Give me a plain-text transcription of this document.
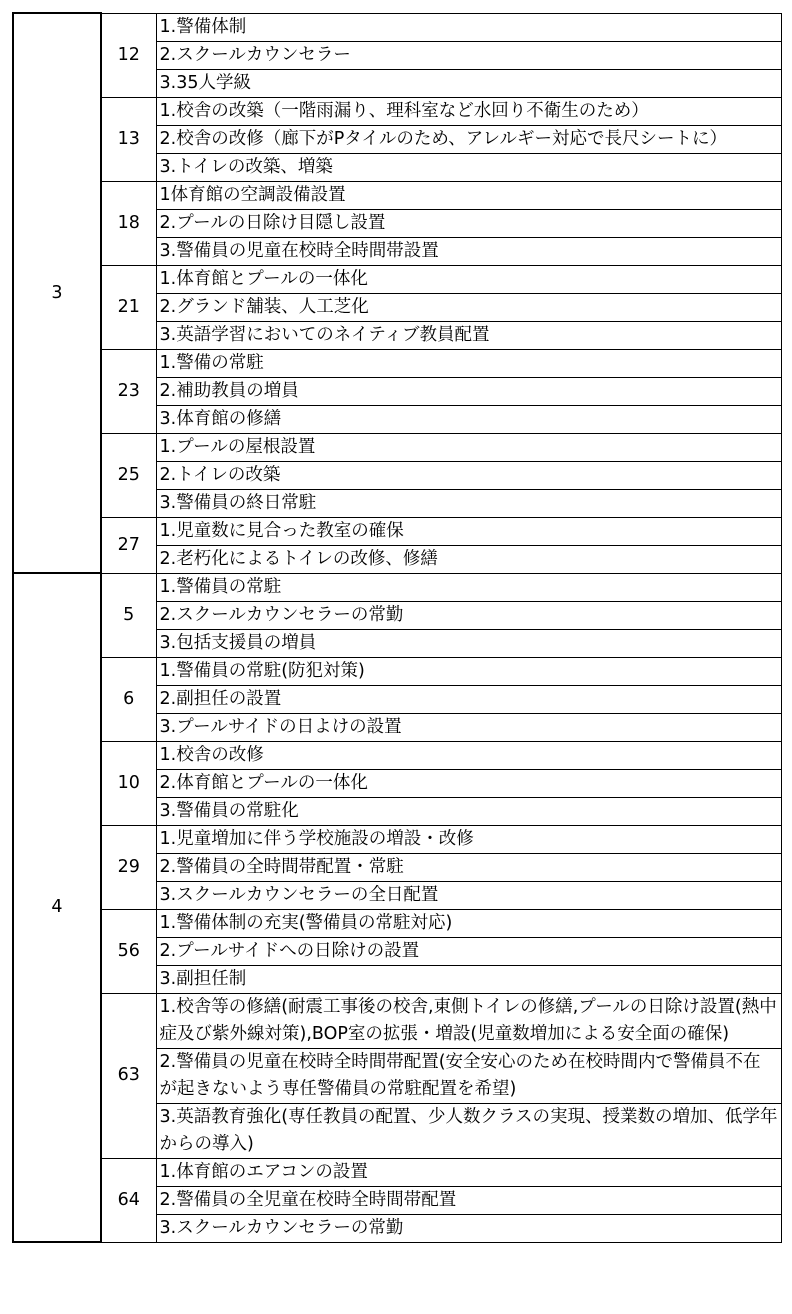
3	12	1.警備体制
		2.スクールカウンセラー
		3.35人学級
	13	1.校舎の改築（一階雨漏り、理科室など水回り不衛生のため）
		2.校舎の改修（廊下がPタイルのため、アレルギー対応で長尺シートに）
		3.トイレの改築、増築
	18	1体育館の空調設備設置
		2.プールの日除け目隠し設置
		3.警備員の児童在校時全時間帯設置
	21	1.体育館とプールの一体化
		2.グランド舗装、人工芝化
		3.英語学習においてのネイティブ教員配置
	23	1.警備の常駐
		2.補助教員の増員
		3.体育館の修繕
	25	1.プールの屋根設置
		2.トイレの改築
		3.警備員の終日常駐
	27	1.児童数に見合った教室の確保
		2.老朽化によるトイレの改修、修繕
4	5	1.警備員の常駐
		2.スクールカウンセラーの常勤
		3.包括支援員の増員
	6	1.警備員の常駐(防犯対策)
		2.副担任の設置
		3.プールサイドの日よけの設置
	10	1.校舎の改修
		2.体育館とプールの一体化
		3.警備員の常駐化
	29	1.児童増加に伴う学校施設の増設・改修
		2.警備員の全時間帯配置・常駐
		3.スクールカウンセラーの全日配置
	56	1.警備体制の充実(警備員の常駐対応)
		2.プールサイドへの日除けの設置
		3.副担任制
	63	1.校舎等の修繕(耐震工事後の校舎,東側トイレの修繕,プールの日除け設置(熱中症及び紫外線対策),BOP室の拡張・増設(児童数増加による安全面の確保)
		2.警備員の児童在校時全時間帯配置(安全安心のため在校時間内で警備員不在が起きないよう専任警備員の常駐配置を希望)
		3.英語教育強化(専任教員の配置、少人数クラスの実現、授業数の増加、低学年からの導入)
	64	1.体育館のエアコンの設置
		2.警備員の全児童在校時全時間帯配置
		3.スクールカウンセラーの常勤
